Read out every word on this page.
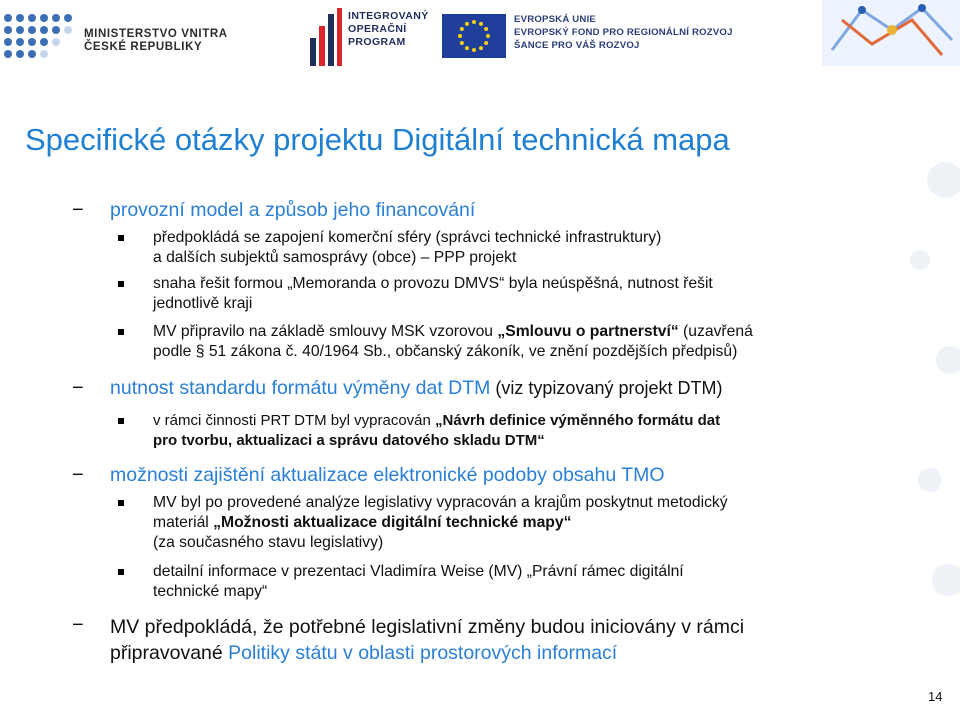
MINISTERSTVO VNITRA
ČESKÉ REPUBLIKY
INTEGROVANÝ
OPERAČNÍ
PROGRAM
EVROPSKÁ UNIE
EVROPSKÝ FOND PRO REGIONÁLNÍ ROZVOJ
ŠANCE PRO VÁŠ ROZVOJ
Specifické otázky projektu Digitální technická mapa
− provozní model a způsob jeho financování
předpokládá se zapojení komerční sféry (správci technické infrastruktury)
a dalších subjektů samosprávy (obce) – PPP projekt
snaha řešit formou „Memoranda o provozu DMVS“ byla neúspěšná, nutnost řešit
jednotlivě kraji
MV připravilo na základě smlouvy MSK vzorovou „Smlouvu o partnerství“ (uzavřená
podle § 51 zákona č. 40/1964 Sb., občanský zákoník, ve znění pozdějších předpisů)
− nutnost standardu formátu výměny dat DTM (viz typizovaný projekt DTM)
v rámci činnosti PRT DTM byl vypracován „Návrh definice výměnného formátu dat
pro tvorbu, aktualizaci a správu datového skladu DTM“
− možnosti zajištění aktualizace elektronické podoby obsahu TMO
MV byl po provedené analýze legislativy vypracován a krajům poskytnut metodický
materiál „Možnosti aktualizace digitální technické mapy“
(za současného stavu legislativy)
detailní informace v prezentaci Vladimíra Weise (MV) „Právní rámec digitální
technické mapy“
− MV předpokládá, že potřebné legislativní změny budou iniciovány v rámci
připravované Politiky státu v oblasti prostorových informací
14
